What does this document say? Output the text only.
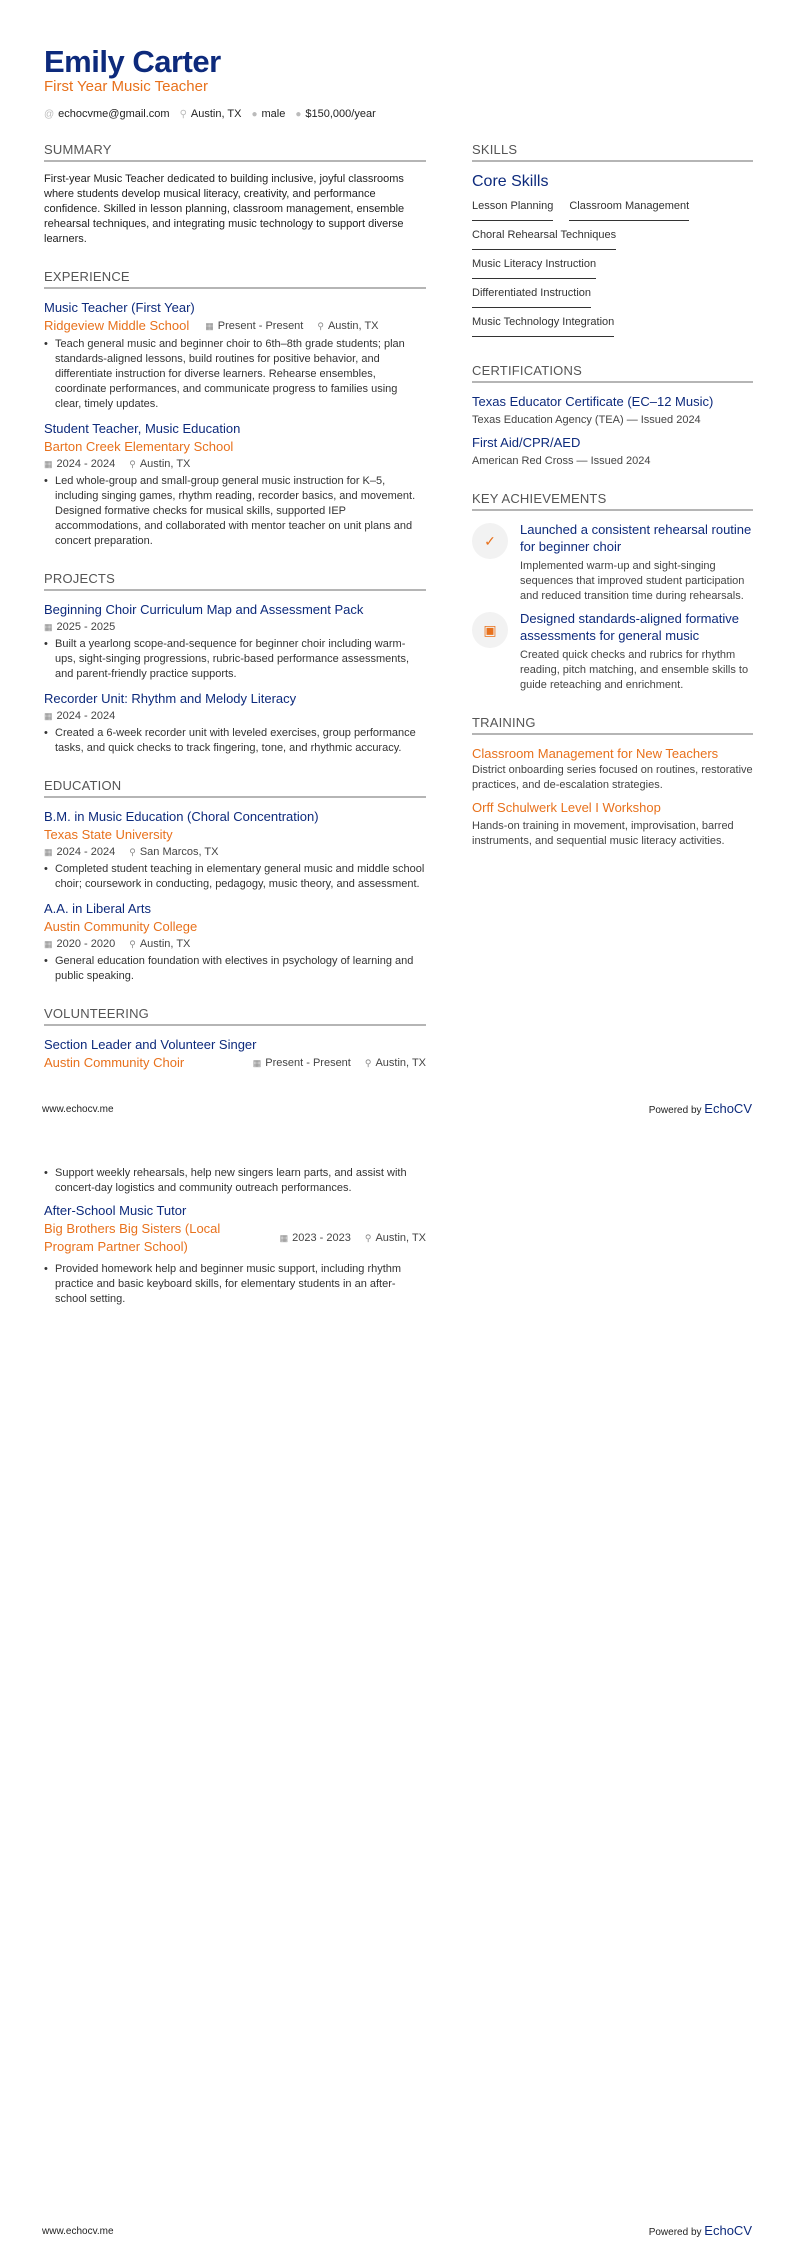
Emily Carter
First Year Music Teacher
@ echocvme@gmail.com ⚲ Austin, TX ● male ● $150,000/year
SUMMARY
First-year Music Teacher dedicated to building inclusive, joyful classrooms where students develop musical literacy, creativity, and performance confidence. Skilled in lesson planning, classroom management, ensemble rehearsal techniques, and integrating music technology to support diverse learners.
EXPERIENCE
Music Teacher (First Year)
Ridgeview Middle School ▦ Present - Present ⚲ Austin, TX
• Teach general music and beginner choir to 6th–8th grade students; plan standards-aligned lessons, build routines for positive behavior, and differentiate instruction for diverse learners. Rehearse ensembles, coordinate performances, and communicate progress to families using clear, timely updates.
Student Teacher, Music Education
Barton Creek Elementary School
▦ 2024 - 2024 ⚲ Austin, TX
• Led whole-group and small-group general music instruction for K–5, including singing games, rhythm reading, recorder basics, and movement. Designed formative checks for musical skills, supported IEP accommodations, and collaborated with mentor teacher on unit plans and concert preparation.
PROJECTS
Beginning Choir Curriculum Map and Assessment Pack
▦ 2025 - 2025
• Built a yearlong scope-and-sequence for beginner choir including warm-ups, sight-singing progressions, rubric-based performance assessments, and parent-friendly practice supports.
Recorder Unit: Rhythm and Melody Literacy
▦ 2024 - 2024
• Created a 6-week recorder unit with leveled exercises, group performance tasks, and quick checks to track fingering, tone, and rhythmic accuracy.
EDUCATION
B.M. in Music Education (Choral Concentration)
Texas State University
▦ 2024 - 2024 ⚲ San Marcos, TX
• Completed student teaching in elementary general music and middle school choir; coursework in conducting, pedagogy, music theory, and assessment.
A.A. in Liberal Arts
Austin Community College
▦ 2020 - 2020 ⚲ Austin, TX
• General education foundation with electives in psychology of learning and public speaking.
VOLUNTEERING
Section Leader and Volunteer Singer
Austin Community Choir	▦ Present - Present ⚲ Austin, TX
SKILLS
Core Skills
Lesson Planning Classroom Management
Choral Rehearsal Techniques
Music Literacy Instruction
Differentiated Instruction
Music Technology Integration
CERTIFICATIONS
Texas Educator Certificate (EC–12 Music)
Texas Education Agency (TEA) — Issued 2024
First Aid/CPR/AED
American Red Cross — Issued 2024
KEY ACHIEVEMENTS
✓
Launched a consistent rehearsal routine for beginner choir
Implemented warm-up and sight-singing sequences that improved student participation and reduced transition time during rehearsals.
▣
Designed standards-aligned formative assessments for general music
Created quick checks and rubrics for rhythm reading, pitch matching, and ensemble skills to guide reteaching and enrichment.
TRAINING
Classroom Management for New Teachers
District onboarding series focused on routines, restorative practices, and de-escalation strategies.
Orff Schulwerk Level I Workshop
Hands-on training in movement, improvisation, barred instruments, and sequential music literacy activities.
www.echocv.me	Powered by EchoCV
• Support weekly rehearsals, help new singers learn parts, and assist with concert-day logistics and community outreach performances.
After-School Music Tutor
Big Brothers Big Sisters (Local Program Partner School)
▦ 2023 - 2023 ⚲ Austin, TX
• Provided homework help and beginner music support, including rhythm practice and basic keyboard skills, for elementary students in an after-school setting.
www.echocv.me	Powered by EchoCV
